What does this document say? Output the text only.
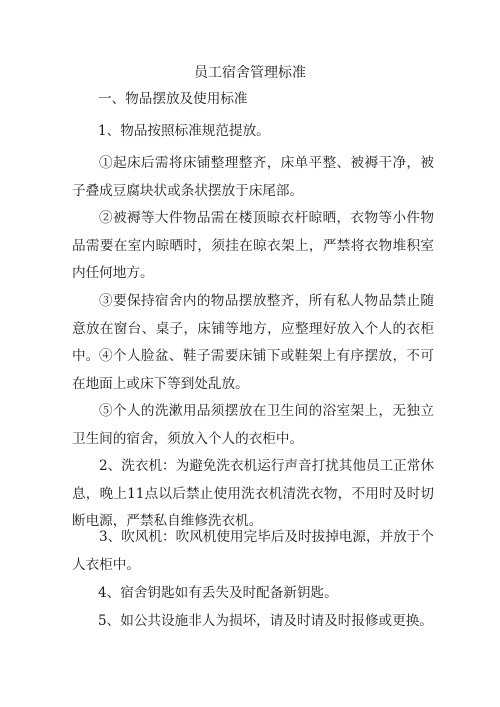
员工宿舍管理标准

一、物品摆放及使用标准

1、物品按照标准规范提放。

①起床后需将床铺整理整齐，床单平整、被褥干净，被子叠成豆腐块状或条状摆放于床尾部。

②被褥等大件物品需在楼顶晾衣杆晾晒，衣物等小件物品需要在室内晾晒时，须挂在晾衣架上，严禁将衣物堆积室内任何地方。

③要保持宿舍内的物品摆放整齐，所有私人物品禁止随意放在窗台、桌子，床铺等地方，应整理好放入个人的衣柜中。 ④个人脸盆、鞋子需要床铺下或鞋架上有序摆放，不可在地面上或床下等到处乱放。

⑤个人的洗漱用品须摆放在卫生间的浴室架上，无独立卫生间的宿舍，须放入个人的衣柜中。

2、洗衣机：为避免洗衣机运行声音打扰其他员工正常休息，晚上11点以后禁止使用洗衣机清洗衣物，不用时及时切断电源，严禁私自维修洗衣机。

3、吹风机：吹风机使用完毕后及时拔掉电源，并放于个人衣柜中。

4、宿舍钥匙如有丢失及时配备新钥匙。

5、如公共设施非人为损坏，请及时请及时报修或更换。
